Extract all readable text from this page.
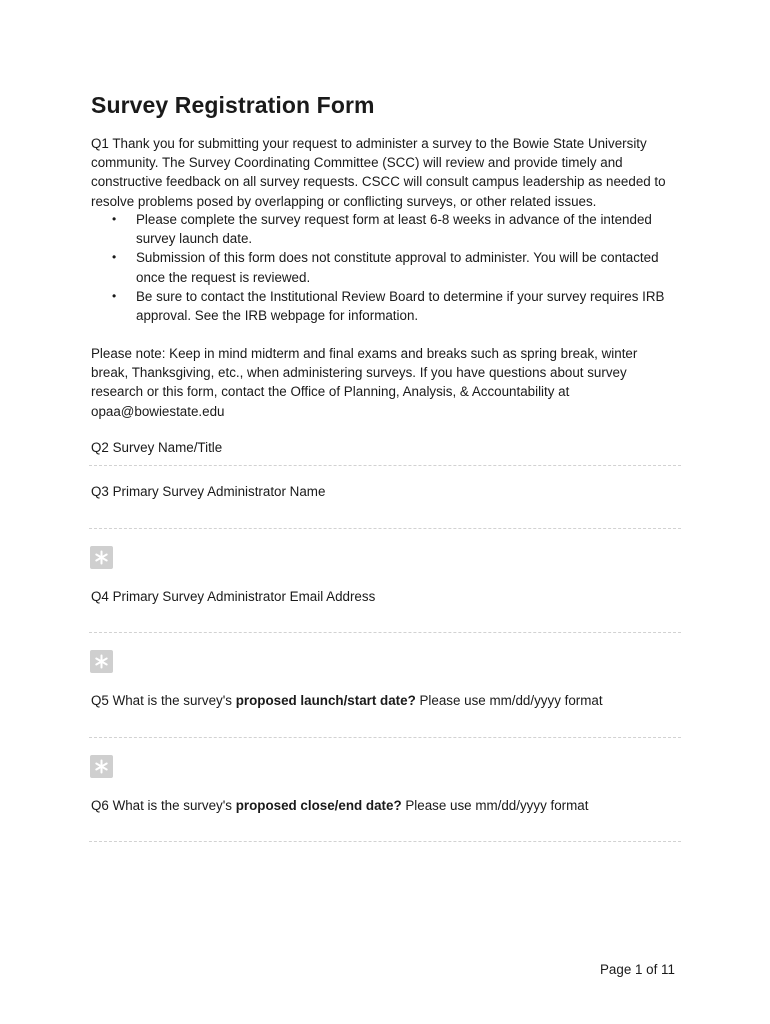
Survey Registration Form

Q1 Thank you for submitting your request to administer a survey to the Bowie State University community. The Survey Coordinating Committee (SCC) will review and provide timely and constructive feedback on all survey requests. CSCC will consult campus leadership as needed to resolve problems posed by overlapping or conflicting surveys, or other related issues.

• Please complete the survey request form at least 6-8 weeks in advance of the intended survey launch date.
• Submission of this form does not constitute approval to administer. You will be contacted once the request is reviewed.
• Be sure to contact the Institutional Review Board to determine if your survey requires IRB approval. See the IRB webpage for information.

Please note: Keep in mind midterm and final exams and breaks such as spring break, winter break, Thanksgiving, etc., when administering surveys. If you have questions about survey research or this form, contact the Office of Planning, Analysis, & Accountability at opaa@bowiestate.edu

Q2 Survey Name/Title

Q3 Primary Survey Administrator Name

Q4 Primary Survey Administrator Email Address

Q5 What is the survey's proposed launch/start date? Please use mm/dd/yyyy format

Q6 What is the survey's proposed close/end date? Please use mm/dd/yyyy format

Page 1 of 11
